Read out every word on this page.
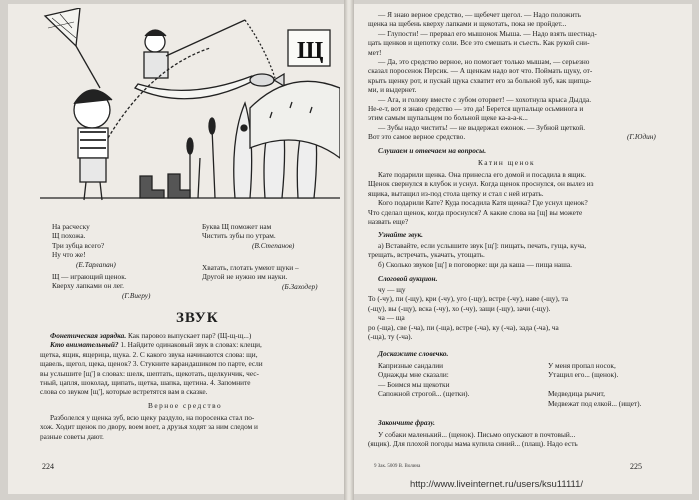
Щ
На расческу
Щ похожа.
Три зубца всего?
Ну что же!
(Е.Тарлапан)
Щ — играющий щенок.
Кверху лапками он лег.
(Г.Виеру)
Буква Щ поможет нам
Чистить зубы по утрам.
(В.Степанов)
Хватать, глотать умеют щуки –
Другой не нужно им науки.
(Б.Заходер)
ЗВУК
Фонетическая зарядка. Как паровоз выпускает пар? (Щ-щ-щ...)
Кто внимательный? 1. Найдите одинаковый звук в словах: клещи,
щетка, ящик, ящерица, щука. 2. С какого звука начинаются слова: щи,
щавель, щегол, щека, щенок? 3. Стукните карандашиком по парте, если
вы услышите [щ'] в словах: шелк, шептать, щекотать, щелкунчик, чес-
тный, цапля, шоколад, щипать, щетка, шапка, щетина. 4. Запомните
слова со звуком [щ'], которые встретятся вам в сказке.
Верное средство
Разболелся у щенка зуб, всю щеку раздуло, на поросенка стал по-
хож. Ходит щенок по двору, воем воет, а друзья ходят за ним следом и
разные советы дают.
224
— Я знаю верное средство, — щебечет щегол. — Надо положить
щенка на щебень кверху лапками и щекотать, пока не пройдет...
— Глупости! — прервал его мышонок Мыша. — Надо взять шестнад-
цать щенков и щепотку соли. Все это смешать и съесть. Как рукой сни-
мет!
— Да, это средство верное, но помогает только мышам, — серьезно
сказал поросенок Персик. — А щенкам надо вот что. Поймать щуку, от-
крыть щенку рот, и пускай щука схватит его за больной зуб, как щипца-
ми, и выдернет.
— Ага, и голову вместе с зубом оторвет! — хохотнула крыса Дыдда.
Не-е-т, вот я знаю средство — это да! Берется щупальце осьминога и
этим самым щупальцем по больной щеке ка-а-а-к...
— Зубы надо чистить! — не выдержал ежонок. — Зубной щеткой.
Вот это самое верное средство.	(Г.Юдин)
Слушаем и отвечаем на вопросы.
Катин щенок
Кате подарили щенка. Она принесла его домой и посадила в ящик.
Щенок свернулся в клубок и уснул. Когда щенок проснулся, он вылез из
ящика, вытащил из-под стола щетку и стал с ней играть.
Кого подарили Кате? Куда посадила Катя щенка? Где уснул щенок?
Что сделал щенок, когда проснулся? А какие слова на [щ] вы можете
назвать еще?
Узнайте звук.
а) Вставайте, если услышите звук [щ']: пищать, печать, гуща, куча,
трещать, встречать, укачать, утощать.
б) Сколько звуков [щ'] в поговорке: щи да каша — пища наша.
Слоговой аукцион.
чу — щу
То (-чу), пи (-щу), кри (-чу), уго (-щу), встре (-чу), наве (-щу), та
(-щу), вы (-щу), вска (-чу), хо (-чу), защи (-щу), зачи (-щу).
ча — ща
ро (-ща), све (-ча), пи (-ща), встре (-ча), ку (-ча), зада (-ча), ча
(-ща), ту (-ча).
Доскажите словечко.
Капризные сандалии
Однажды мне сказали:
— Боимся мы щекотки
Сапожной строгой... (щетки).
У меня пропал носок,
Утащил его... (щенок).
Медведица рычит,
Медвежат под елкой... (ищет).
Закончите фразу.
У собаки маленький... (щенок). Письмо опускают в почтовый...
(ящик). Для плохой погоды мама купила синий... (плащ). Надо есть
9 Зак. 5009 В. Волина	225
http://www.liveinternet.ru/users/ksu11111/
